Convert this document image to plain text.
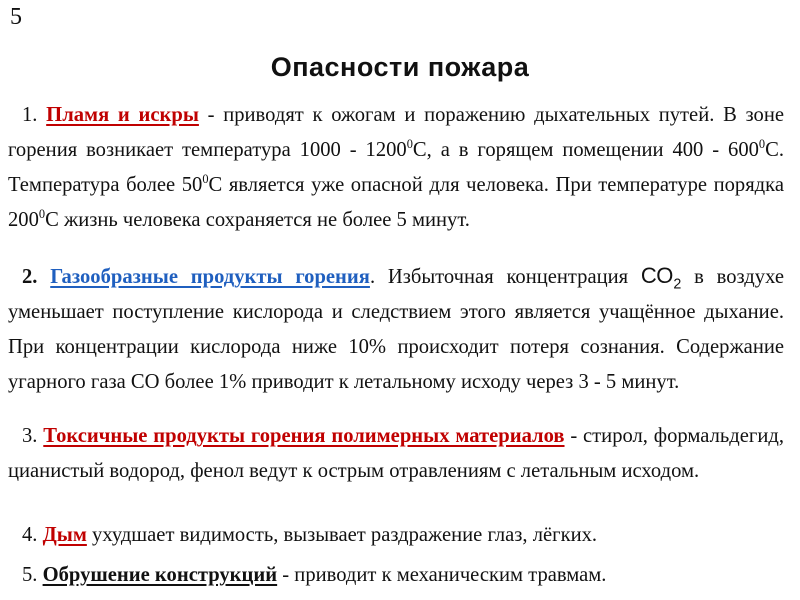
5
Опасности пожара

1. Пламя и искры - приводят к ожогам и поражению дыхательных путей. В зоне горения возникает температура 1000 - 1200$^0$С, а в горящем помещении $400 - 600^0С$. Температура более $50^0С$ является уже опасной для человека. При температуре порядка $200^0С$ жизнь человека сохраняется не более 5 минут.

2. Газообразные продукты горения. Избыточная концентрация $СО_2$ в воздухе уменьшает поступление кислорода и следствием этого является учащённое дыхание. При концентрации кислорода ниже 10% происходит потеря сознания. Содержание угарного газа СО более 1% приводит к летальному исходу через 3 - 5 минут.

3. Токсичные продукты горения полимерных материалов - стирол, формальдегид, цианистый водород, фенол ведут к острым отравлениям с летальным исходом.

4. Дым ухудшает видимость, вызывает раздражение глаз, лёгких.

5. Обрушение конструкций - приводит к механическим травмам.
